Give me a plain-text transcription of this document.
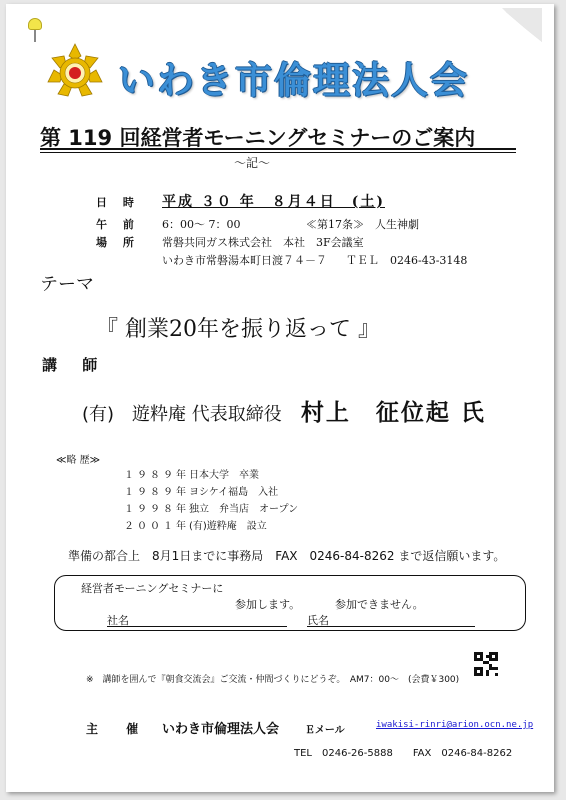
いわき市倫理法人会
第 119 回経営者モーニングセミナーのご案内
～記～
日 時 平成 ３０ 年　８月４日　(土)
午 前	6：00～ 7：00	≪第17条≫　人生神劇
場 所	常磐共同ガス株式会社　本社　3F会議室
いわき市常磐湯本町日渡７４－７ ＴＥＬ　0246-43-3148
テーマ
『 創業20年を振り返って 』
講 師
(有)　遊粋庵 代表取締役 村上　征位起 氏
≪略 歴≫
１９８９年日本大学　卒業
１９８９年ヨシケイ福島　入社
１９９８年独立　弁当店　オープン
２００１年(有)遊粋庵　設立
準備の都合上　8月1日までに事務局　FAX　0246-84-8262 まで返信願います。
経営者モーニングセミナーに
参加します。	参加できません。
社名	氏名
※　講師を囲んで『朝食交流会』ご交流・仲間づくりにどうぞ。　AM7：00～　(会費￥300)
主 催 いわき市倫理法人会	Ｅメール	iwakisi-rinri@arion.ocn.ne.jp
TEL　0246-26-5888　　FAX　0246-84-8262
